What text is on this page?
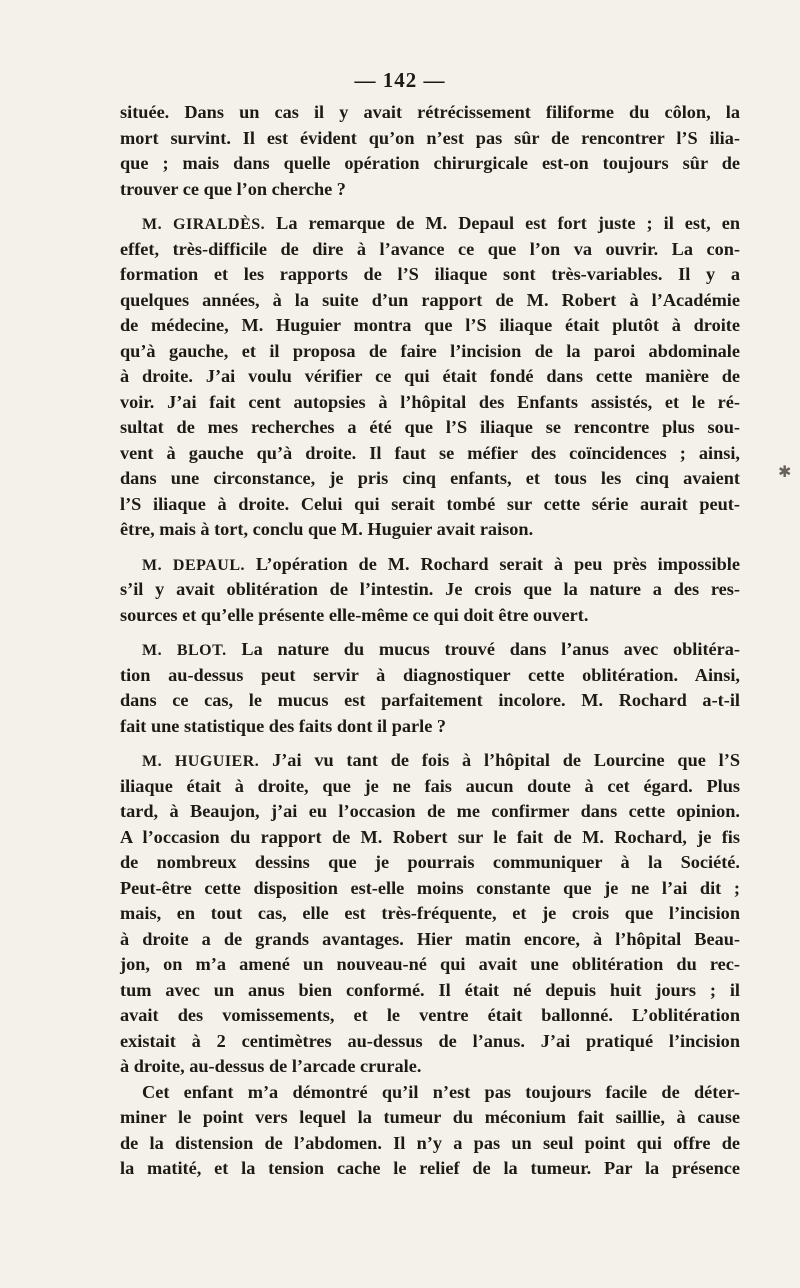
— 142 —
située. Dans un cas il y avait rétrécissement filiforme du côlon, la
mort survint. Il est évident qu’on n’est pas sûr de rencontrer l’S ilia-
que ; mais dans quelle opération chirurgicale est-on toujours sûr de
trouver ce que l’on cherche ?
M. GIRALDÈS. La remarque de M. Depaul est fort juste ; il est, en
effet, très-difficile de dire à l’avance ce que l’on va ouvrir. La con-
formation et les rapports de l’S iliaque sont très-variables. Il y a
quelques années, à la suite d’un rapport de M. Robert à l’Académie
de médecine, M. Huguier montra que l’S iliaque était plutôt à droite
qu’à gauche, et il proposa de faire l’incision de la paroi abdominale
à droite. J’ai voulu vérifier ce qui était fondé dans cette manière de
voir. J’ai fait cent autopsies à l’hôpital des Enfants assistés, et le ré-
sultat de mes recherches a été que l’S iliaque se rencontre plus sou-
vent à gauche qu’à droite. Il faut se méfier des coïncidences ; ainsi,
dans une circonstance, je pris cinq enfants, et tous les cinq avaient
l’S iliaque à droite. Celui qui serait tombé sur cette série aurait peut-
être, mais à tort, conclu que M. Huguier avait raison.
M. DEPAUL. L’opération de M. Rochard serait à peu près impossible
s’il y avait oblitération de l’intestin. Je crois que la nature a des res-
sources et qu’elle présente elle-même ce qui doit être ouvert.
M. BLOT. La nature du mucus trouvé dans l’anus avec oblitéra-
tion au-dessus peut servir à diagnostiquer cette oblitération. Ainsi,
dans ce cas, le mucus est parfaitement incolore. M. Rochard a-t-il
fait une statistique des faits dont il parle ?
M. HUGUIER. J’ai vu tant de fois à l’hôpital de Lourcine que l’S
iliaque était à droite, que je ne fais aucun doute à cet égard. Plus
tard, à Beaujon, j’ai eu l’occasion de me confirmer dans cette opinion.
A l’occasion du rapport de M. Robert sur le fait de M. Rochard, je fis
de nombreux dessins que je pourrais communiquer à la Société.
Peut-être cette disposition est-elle moins constante que je ne l’ai dit ;
mais, en tout cas, elle est très-fréquente, et je crois que l’incision
à droite a de grands avantages. Hier matin encore, à l’hôpital Beau-
jon, on m’a amené un nouveau-né qui avait une oblitération du rec-
tum avec un anus bien conformé. Il était né depuis huit jours ; il
avait des vomissements, et le ventre était ballonné. L’oblitération
existait à 2 centimètres au-dessus de l’anus. J’ai pratiqué l’incision
à droite, au-dessus de l’arcade crurale.
Cet enfant m’a démontré qu’il n’est pas toujours facile de déter-
miner le point vers lequel la tumeur du méconium fait saillie, à cause
de la distension de l’abdomen. Il n’y a pas un seul point qui offre de
la matité, et la tension cache le relief de la tumeur. Par la présence
✱
